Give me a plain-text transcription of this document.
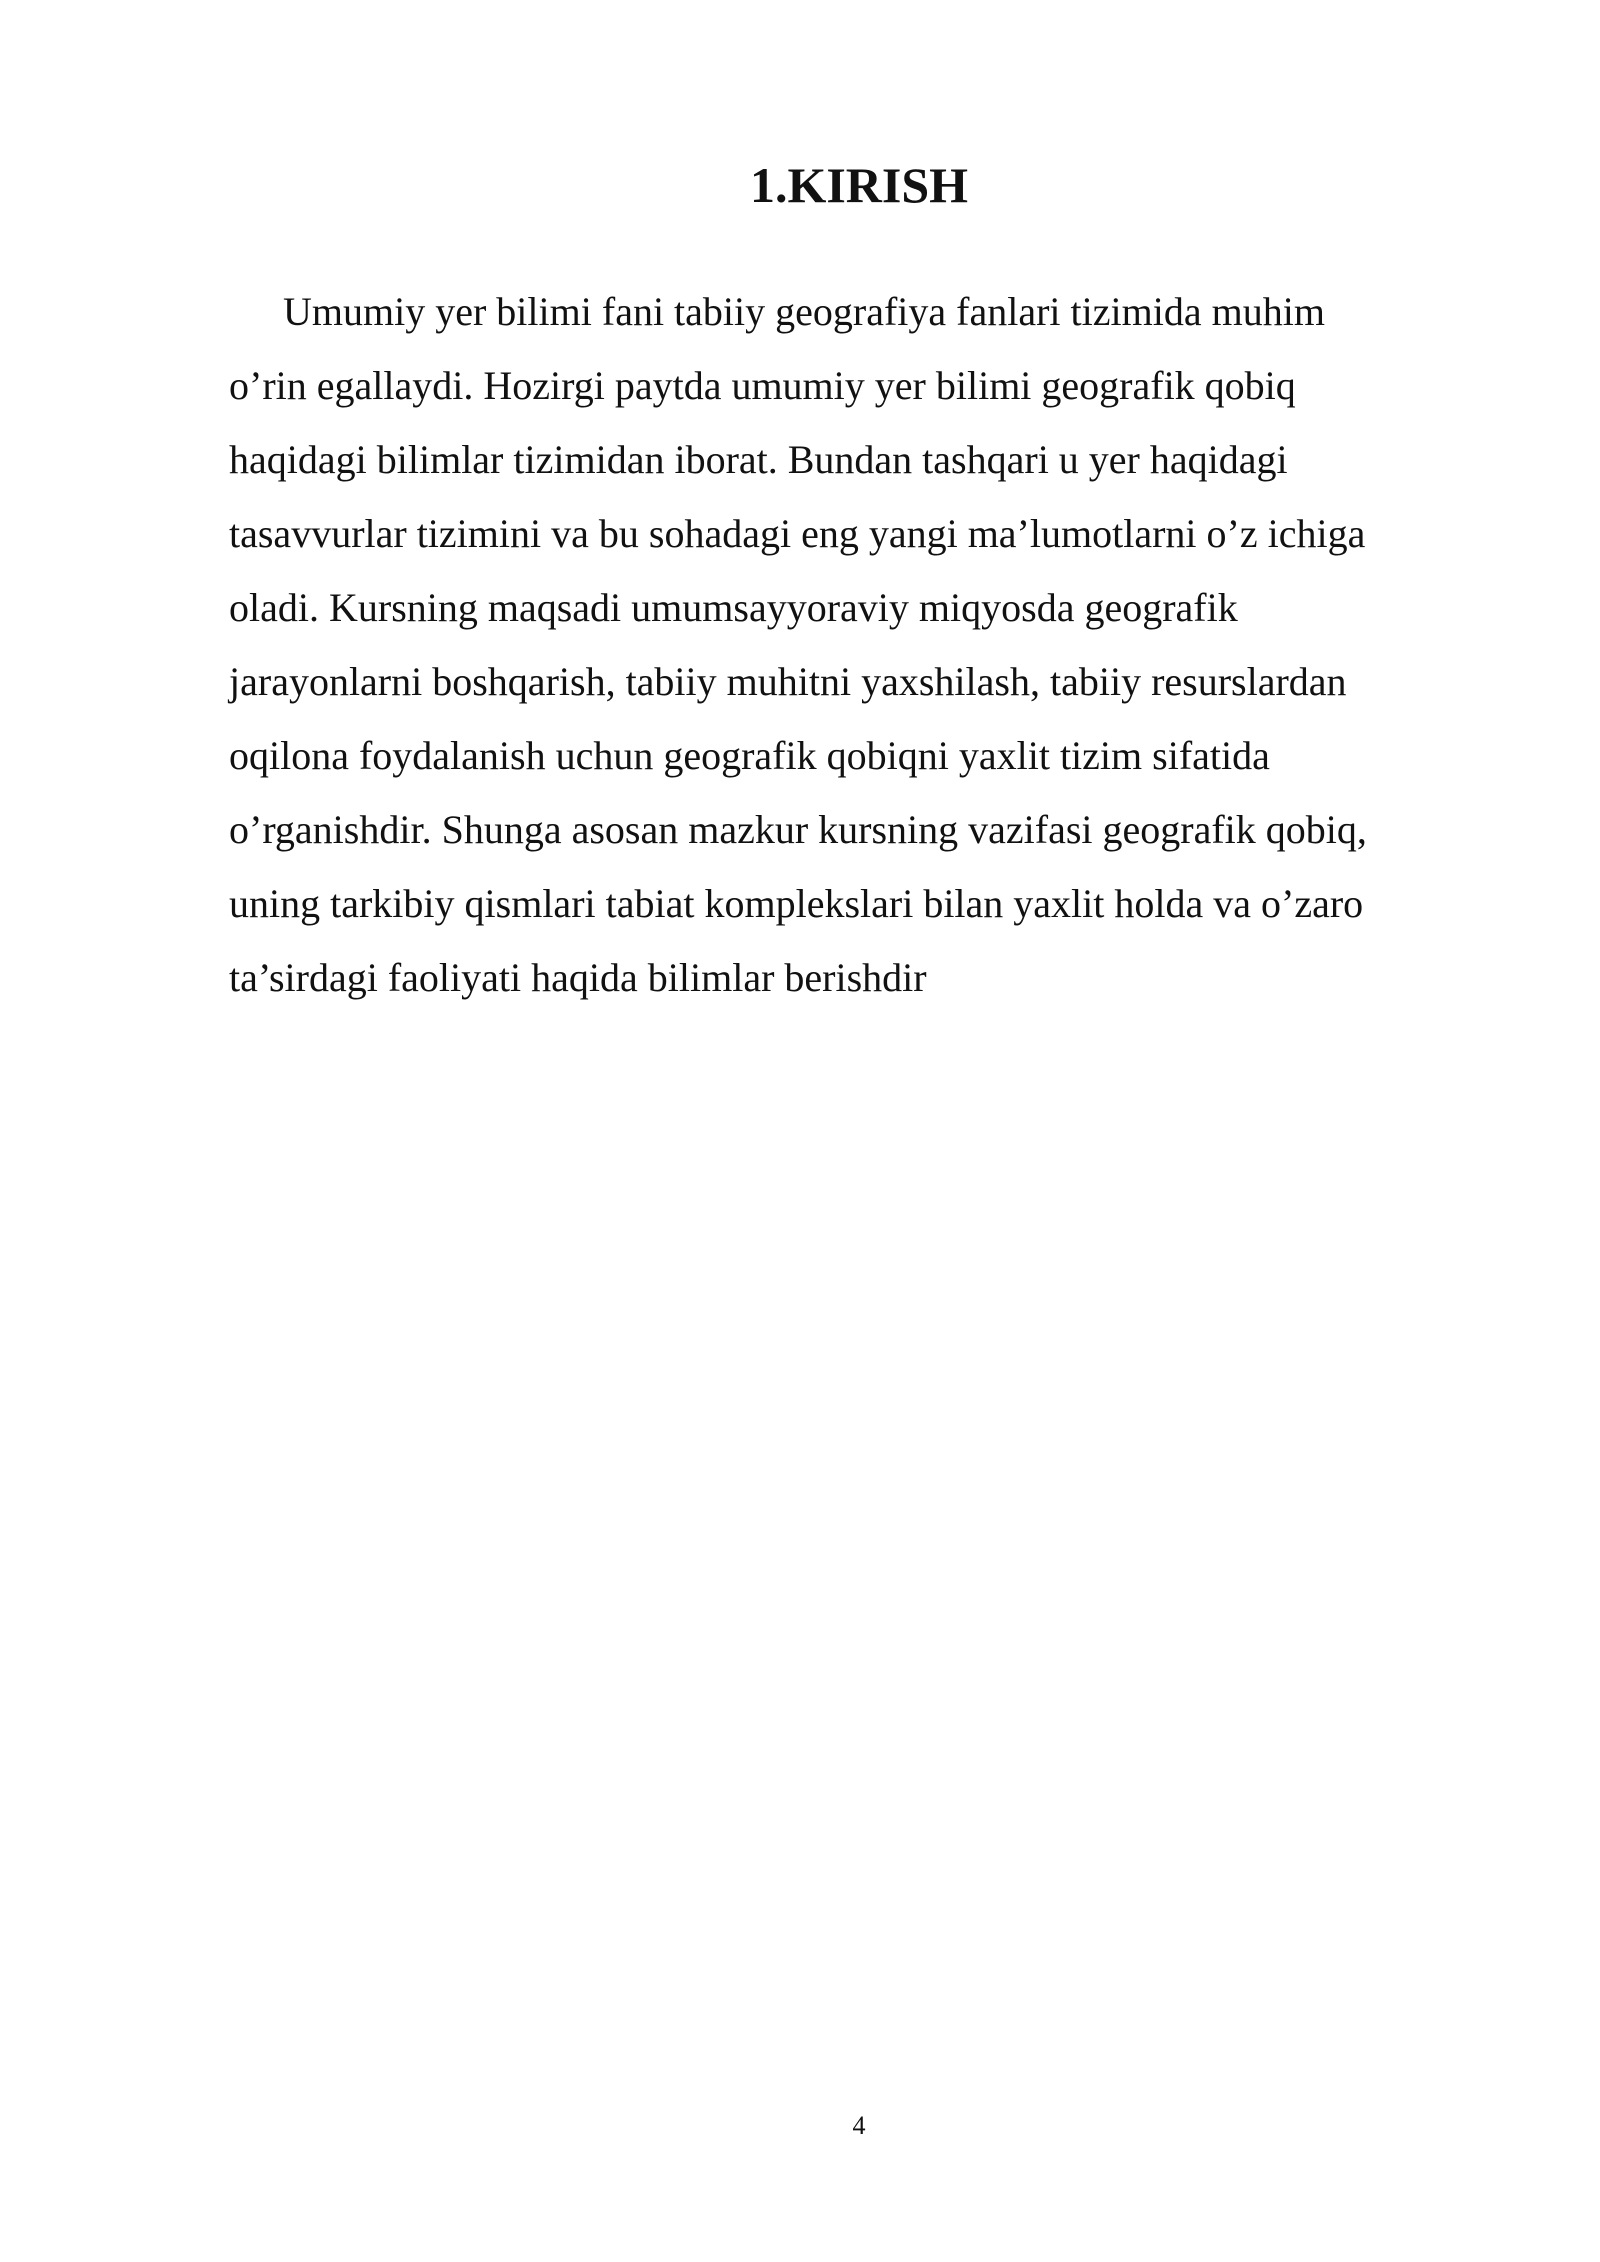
1.KIRISH

Umumiy yer bilimi fani tabiiy geografiya fanlari tizimida muhim
o’rin egallaydi. Hozirgi paytda umumiy yer bilimi geografik qobiq
haqidagi bilimlar tizimidan iborat. Bundan tashqari u yer haqidagi
tasavvurlar tizimini va bu sohadagi eng yangi ma’lumotlarni o’z ichiga
oladi. Kursning maqsadi umumsayyoraviy miqyosda geografik
jarayonlarni boshqarish, tabiiy muhitni yaxshilash, tabiiy resurslardan
oqilona foydalanish uchun geografik qobiqni yaxlit tizim sifatida
o’rganishdir. Shunga asosan mazkur kursning vazifasi geografik qobiq,
uning tarkibiy qismlari tabiat komplekslari bilan yaxlit holda va o’zaro
ta’sirdagi faoliyati haqida bilimlar berishdir

4
